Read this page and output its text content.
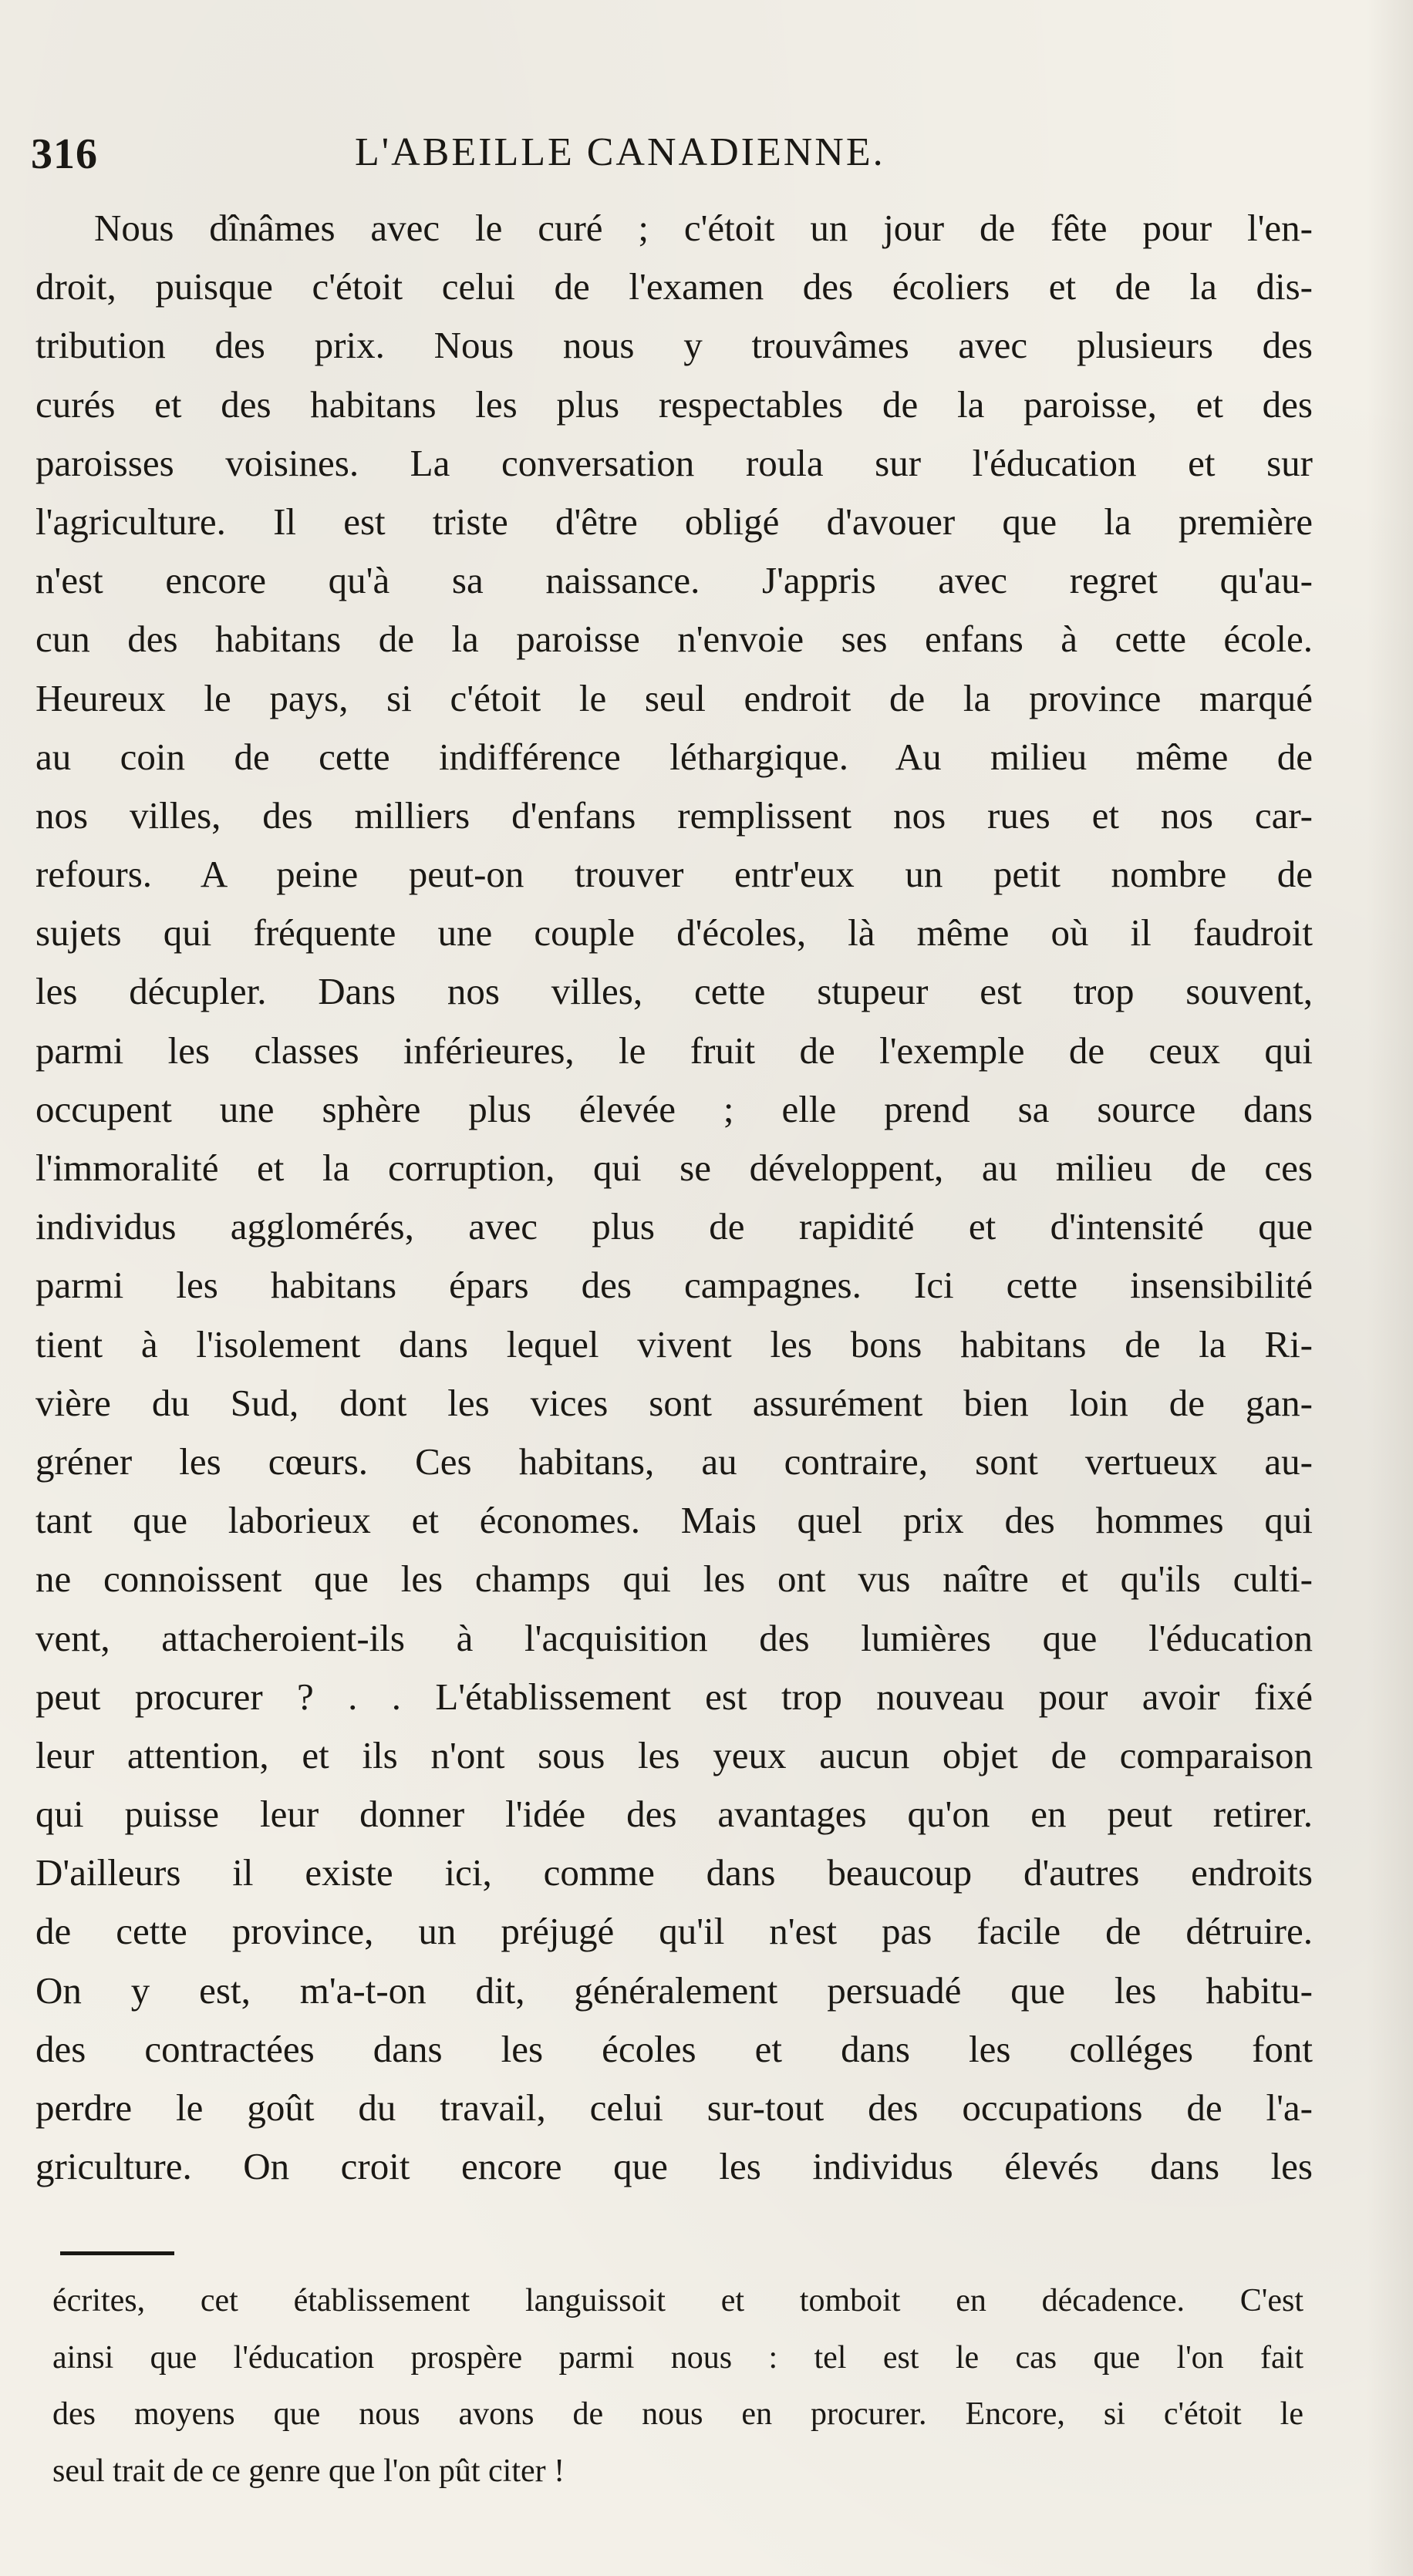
316	L'ABEILLE CANADIENNE.
Nous dînâmes avec le curé ; c'étoit un jour de fête pour l'en-
droit, puisque c'étoit celui de l'examen des écoliers et de la dis-
tribution des prix. Nous nous y trouvâmes avec plusieurs des
curés et des habitans les plus respectables de la paroisse, et des
paroisses voisines. La conversation roula sur l'éducation et sur
l'agriculture. Il est triste d'être obligé d'avouer que la première
n'est encore qu'à sa naissance. J'appris avec regret qu'au-
cun des habitans de la paroisse n'envoie ses enfans à cette école.
Heureux le pays, si c'étoit le seul endroit de la province marqué
au coin de cette indifférence léthargique. Au milieu même de
nos villes, des milliers d'enfans remplissent nos rues et nos car-
refours. A peine peut-on trouver entr'eux un petit nombre de
sujets qui fréquente une couple d'écoles, là même où il faudroit
les décupler. Dans nos villes, cette stupeur est trop souvent,
parmi les classes inférieures, le fruit de l'exemple de ceux qui
occupent une sphère plus élevée ; elle prend sa source dans
l'immoralité et la corruption, qui se développent, au milieu de ces
individus agglomérés, avec plus de rapidité et d'intensité que
parmi les habitans épars des campagnes. Ici cette insensibilité
tient à l'isolement dans lequel vivent les bons habitans de la Ri-
vière du Sud, dont les vices sont assurément bien loin de gan-
gréner les cœurs. Ces habitans, au contraire, sont vertueux au-
tant que laborieux et économes. Mais quel prix des hommes qui
ne connoissent que les champs qui les ont vus naître et qu'ils culti-
vent, attacheroient-ils à l'acquisition des lumières que l'éducation
peut procurer ? . . L'établissement est trop nouveau pour avoir fixé
leur attention, et ils n'ont sous les yeux aucun objet de comparaison
qui puisse leur donner l'idée des avantages qu'on en peut retirer.
D'ailleurs il existe ici, comme dans beaucoup d'autres endroits
de cette province, un préjugé qu'il n'est pas facile de détruire.
On y est, m'a-t-on dit, généralement persuadé que les habitu-
des contractées dans les écoles et dans les colléges font
perdre le goût du travail, celui sur-tout des occupations de l'a-
griculture. On croit encore que les individus élevés dans les
écrites, cet établissement languissoit et tomboit en décadence. C'est
ainsi que l'éducation prospère parmi nous : tel est le cas que l'on fait
des moyens que nous avons de nous en procurer. Encore, si c'étoit le
seul trait de ce genre que l'on pût citer !
